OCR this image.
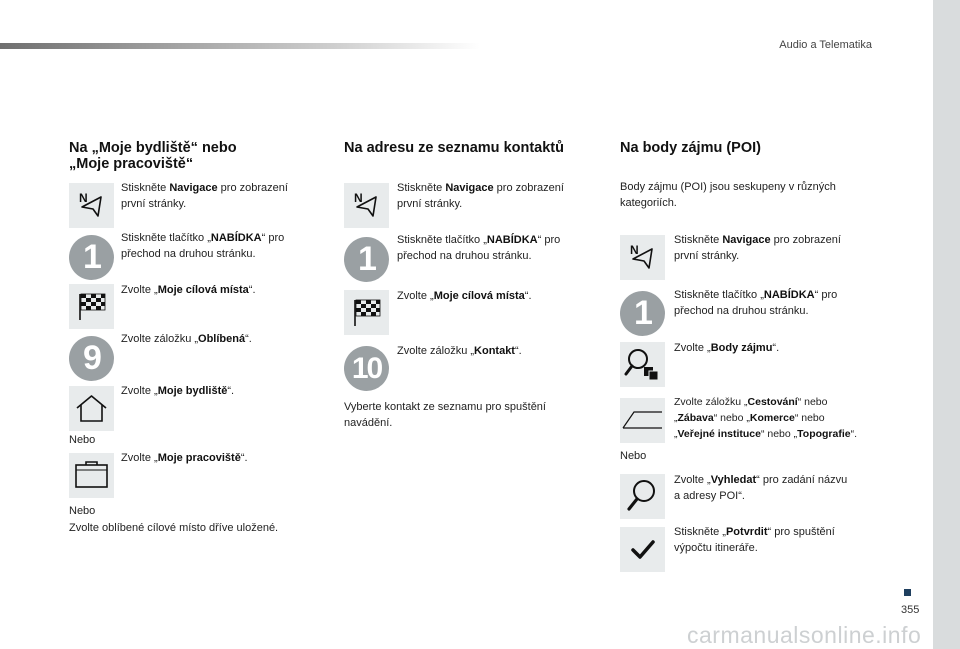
Audio a Telematika
Na „Moje bydliště“ nebo
„Moje pracoviště“
N
Stiskněte Navigace pro zobrazení
první stránky.
1	Stiskněte tlačítko „NABÍDKA“ pro
přechod na druhou stránku.
Zvolte „Moje cílová místa“.
9	Zvolte záložku „Oblíbená“.
Zvolte „Moje bydliště“.
Nebo
Zvolte „Moje pracoviště“.
Nebo
Zvolte oblíbené cílové místo dříve uložené.
Na adresu ze seznamu kontaktů
N
Stiskněte Navigace pro zobrazení
první stránky.
1	Stiskněte tlačítko „NABÍDKA“ pro
přechod na druhou stránku.
Zvolte „Moje cílová místa“.
10
Zvolte záložku „Kontakt“.
Vyberte kontakt ze seznamu pro spuštění
navádění.
Na body zájmu (POI)
Body zájmu (POI) jsou seskupeny v různých
kategoriích.
N
Stiskněte Navigace pro zobrazení
první stránky.
1	Stiskněte tlačítko „NABÍDKA“ pro
přechod na druhou stránku.
Zvolte „Body zájmu“.
Zvolte záložku „Cestování“ nebo
„Zábava“ nebo „Komerce“ nebo
„Veřejné instituce“ nebo „Topografie“.
Nebo
Zvolte „Vyhledat“ pro zadání názvu
a adresy POI“.
Stiskněte „Potvrdit“ pro spuštění
výpočtu itineráře.
355
carmanualsonline.info
